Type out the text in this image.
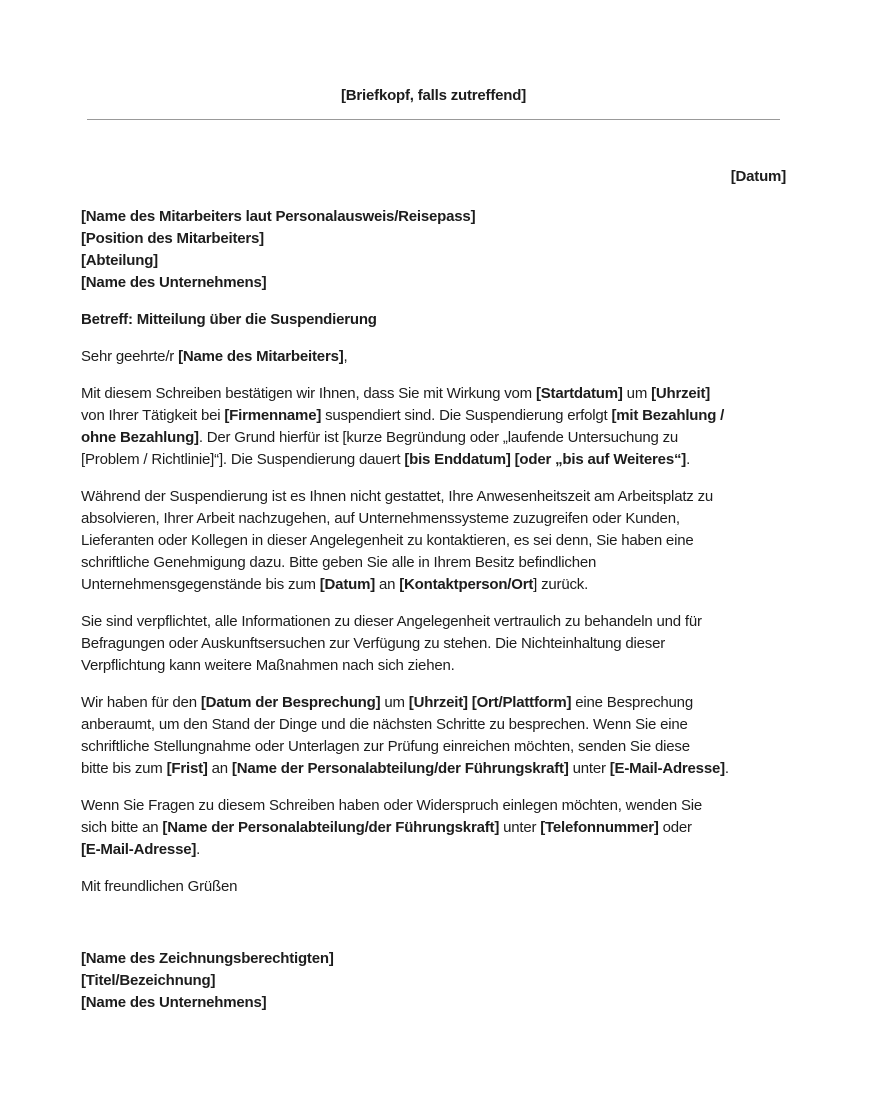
[Briefkopf, falls zutreffend]
[Datum]
[Name des Mitarbeiters laut Personalausweis/Reisepass]
[Position des Mitarbeiters]
[Abteilung]
[Name des Unternehmens]
Betreff: Mitteilung über die Suspendierung

Sehr geehrte/r [Name des Mitarbeiters],

Mit diesem Schreiben bestätigen wir Ihnen, dass Sie mit Wirkung vom [Startdatum] um [Uhrzeit]
von Ihrer Tätigkeit bei [Firmenname] suspendiert sind. Die Suspendierung erfolgt [mit Bezahlung /
ohne Bezahlung]. Der Grund hierfür ist [kurze Begründung oder „laufende Untersuchung zu
[Problem / Richtlinie]“]. Die Suspendierung dauert [bis Enddatum] [oder „bis auf Weiteres“].

Während der Suspendierung ist es Ihnen nicht gestattet, Ihre Anwesenheitszeit am Arbeitsplatz zu
absolvieren, Ihrer Arbeit nachzugehen, auf Unternehmenssysteme zuzugreifen oder Kunden,
Lieferanten oder Kollegen in dieser Angelegenheit zu kontaktieren, es sei denn, Sie haben eine
schriftliche Genehmigung dazu. Bitte geben Sie alle in Ihrem Besitz befindlichen
Unternehmensgegenstände bis zum [Datum] an [Kontaktperson/Ort] zurück.

Sie sind verpflichtet, alle Informationen zu dieser Angelegenheit vertraulich zu behandeln und für
Befragungen oder Auskunftsersuchen zur Verfügung zu stehen. Die Nichteinhaltung dieser
Verpflichtung kann weitere Maßnahmen nach sich ziehen.

Wir haben für den [Datum der Besprechung] um [Uhrzeit] [Ort/Plattform] eine Besprechung
anberaumt, um den Stand der Dinge und die nächsten Schritte zu besprechen. Wenn Sie eine
schriftliche Stellungnahme oder Unterlagen zur Prüfung einreichen möchten, senden Sie diese
bitte bis zum [Frist] an [Name der Personalabteilung/der Führungskraft] unter [E-Mail-Adresse].

Wenn Sie Fragen zu diesem Schreiben haben oder Widerspruch einlegen möchten, wenden Sie
sich bitte an [Name der Personalabteilung/der Führungskraft] unter [Telefonnummer] oder
[E-Mail-Adresse].

Mit freundlichen Grüßen

[Name des Zeichnungsberechtigten]
[Titel/Bezeichnung]
[Name des Unternehmens]
